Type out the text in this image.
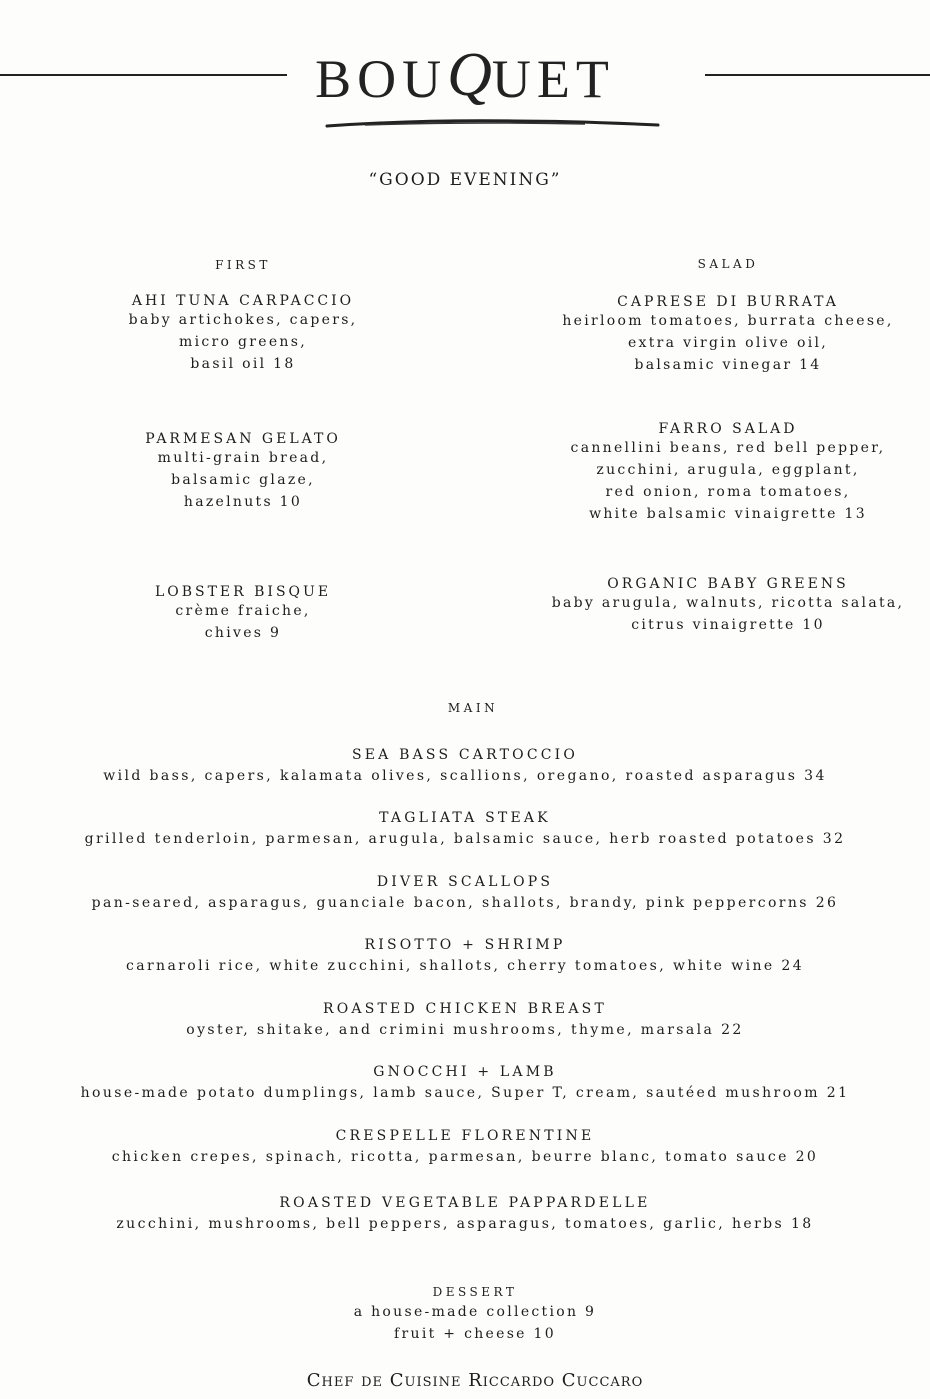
BOUQUET
“GOOD EVENING”
FIRST
AHI TUNA CARPACCIO
baby artichokes, capers,
micro greens,
basil oil 18
PARMESAN GELATO
multi-grain bread,
balsamic glaze,
hazelnuts 10
LOBSTER BISQUE
crème fraiche,
chives 9
SALAD
CAPRESE DI BURRATA
heirloom tomatoes, burrata cheese,
extra virgin olive oil,
balsamic vinegar 14
FARRO SALAD
cannellini beans, red bell pepper,
zucchini, arugula, eggplant,
red onion, roma tomatoes,
white balsamic vinaigrette 13
ORGANIC BABY GREENS
baby arugula, walnuts, ricotta salata,
citrus vinaigrette 10
MAIN
SEA BASS CARTOCCIO
wild bass, capers, kalamata olives, scallions, oregano, roasted asparagus 34
TAGLIATA STEAK
grilled tenderloin, parmesan, arugula, balsamic sauce, herb roasted potatoes 32
DIVER SCALLOPS
pan-seared, asparagus, guanciale bacon, shallots, brandy, pink peppercorns 26
RISOTTO + SHRIMP
carnaroli rice, white zucchini, shallots, cherry tomatoes, white wine 24
ROASTED CHICKEN BREAST
oyster, shitake, and crimini mushrooms, thyme, marsala 22
GNOCCHI + LAMB
house-made potato dumplings, lamb sauce, Super T, cream, sautéed mushroom 21
CRESPELLE FLORENTINE
chicken crepes, spinach, ricotta, parmesan, beurre blanc, tomato sauce 20
ROASTED VEGETABLE PAPPARDELLE
zucchini, mushrooms, bell peppers, asparagus, tomatoes, garlic, herbs 18
DESSERT
a house-made collection 9
fruit + cheese 10
Chef de Cuisine Riccardo Cuccaro
